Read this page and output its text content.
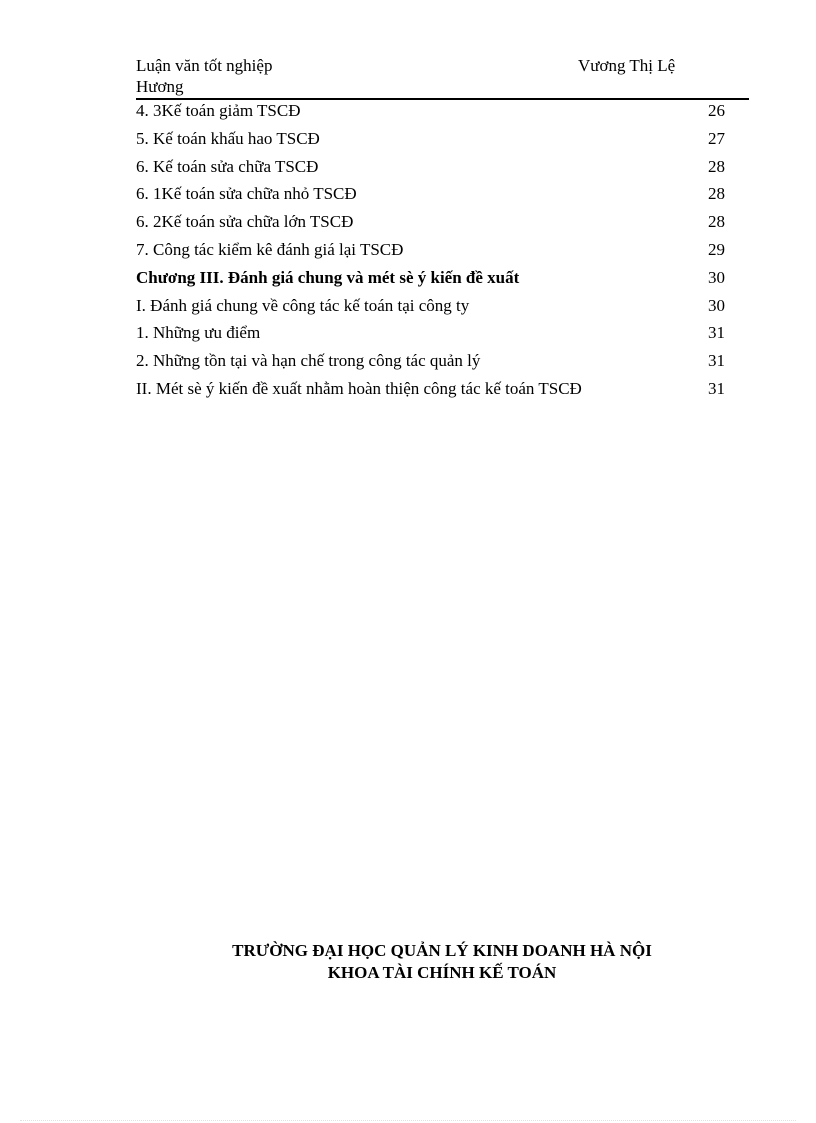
Luận văn tốt nghiệp
Hương
Vương Thị Lệ
4. 3Kế toán giảm TSCĐ	26
5. Kế toán khấu hao TSCĐ	27
6. Kế toán sửa chữa TSCĐ	28
6. 1Kế toán sửa chữa nhỏ TSCĐ	28
6. 2Kế toán sửa chữa lớn TSCĐ	28
7. Công tác kiểm kê đánh giá lại TSCĐ	29
Chương III. Đánh giá chung và mét sè ý kiến đề xuất	30
I. Đánh giá chung về công tác kế toán tại công ty	30
1. Những ưu điểm	31
2. Những tồn tại và hạn chế trong công tác quản lý	31
II. Mét sè ý kiến đề xuất nhằm hoàn thiện công tác kế toán TSCĐ	31
TRƯỜNG ĐẠI HỌC QUẢN LÝ KINH DOANH HÀ NỘI
KHOA TÀI CHÍNH KẾ TOÁN
